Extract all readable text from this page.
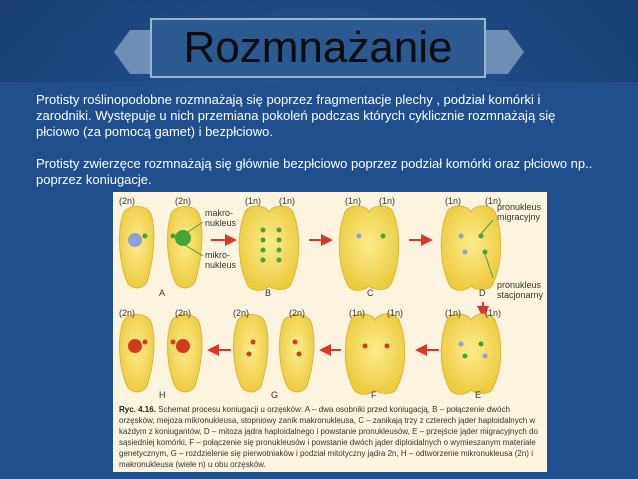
Rozmnażanie
Protisty roślinopodobne rozmnażają się poprzez fragmentacje plechy , podział komórki i zarodniki. Występuje u nich przemiana pokoleń podczas których cyklicznie rozmnażają się płciowo (za pomocą gamet) i bezpłciowo.
Protisty zwierzęce rozmnażają się głównie bezpłciowo poprzez podział komórki oraz płciowo np.. poprzez koniugacje.
(2n)	(2n)
makro-nukleus
mikro-nukleus
A
(1n) (1n)
B
(1n) (1n)
C
(1n)	(1n)
pronukleus migracyjny
pronukleus stacjonarny
D
(2n)	(2n)
H
(2n)	(2n)
G
(1n) (1n)
F
(1n)	(1n)
E
Ryc. 4.16. Schemat procesu koniugacji u orzęsków: A – dwa osobniki przed koniugacją, B – połączenie dwóch orzęsków, mejoza mikronukleusa, stopniowy zanik makronukleusa, C – zanikają trzy z czterech jąder haploidalnych w każdym z koniugantów, D – mitoza jądra haploidalnego i powstanie pronukleusów, E – przejście jąder migracyjnych do sąsiedniej komórki, F – połączenie się pronukleusów i powstanie dwóch jąder diploidalnych o wymieszanym materiale genetycznym, G – rozdzielenie się pierwotniaków i podział mitotyczny jądra 2n, H – odtworzenie mikronukleusa (2n) i makronukleusa (wiele n) u obu orzęsków.
